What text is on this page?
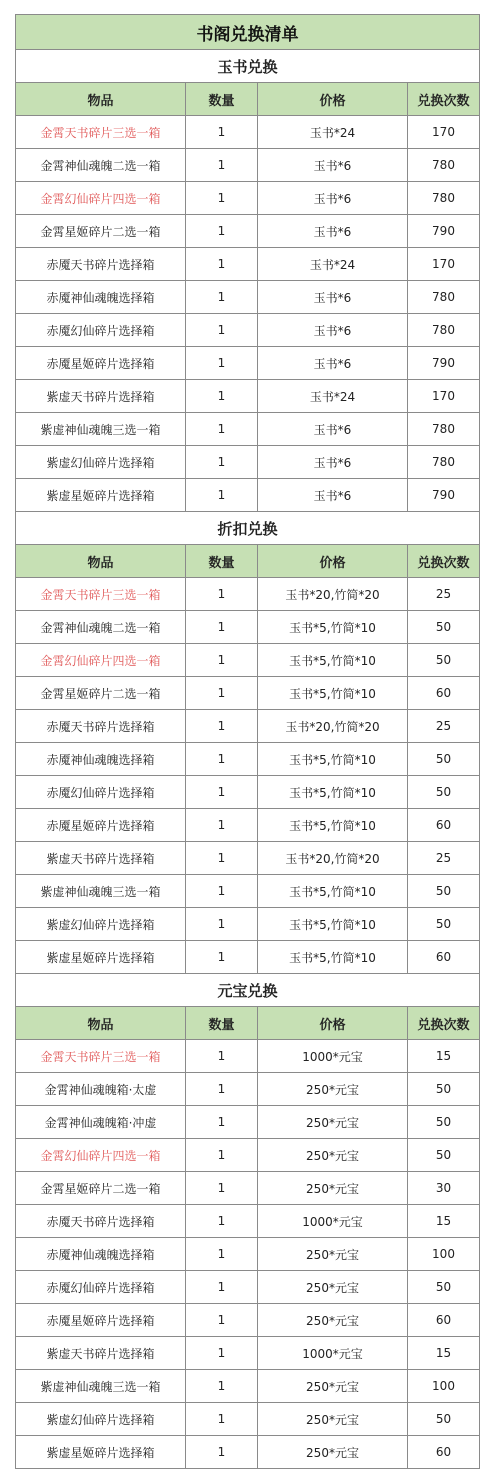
书阁兑换清单			
玉书兑换			
物品	数量	价格	兑换次数
金霄天书碎片三选一箱	1	玉书*24	170
金霄神仙魂魄二选一箱	1	玉书*6	780
金霄幻仙碎片四选一箱	1	玉书*6	780
金霄星姬碎片二选一箱	1	玉书*6	790
赤魇天书碎片选择箱	1	玉书*24	170
赤魇神仙魂魄选择箱	1	玉书*6	780
赤魇幻仙碎片选择箱	1	玉书*6	780
赤魇星姬碎片选择箱	1	玉书*6	790
紫虚天书碎片选择箱	1	玉书*24	170
紫虚神仙魂魄三选一箱	1	玉书*6	780
紫虚幻仙碎片选择箱	1	玉书*6	780
紫虚星姬碎片选择箱	1	玉书*6	790
折扣兑换			
物品	数量	价格	兑换次数
金霄天书碎片三选一箱	1	玉书*20,竹简*20	25
金霄神仙魂魄二选一箱	1	玉书*5,竹简*10	50
金霄幻仙碎片四选一箱	1	玉书*5,竹简*10	50
金霄星姬碎片二选一箱	1	玉书*5,竹简*10	60
赤魇天书碎片选择箱	1	玉书*20,竹简*20	25
赤魇神仙魂魄选择箱	1	玉书*5,竹简*10	50
赤魇幻仙碎片选择箱	1	玉书*5,竹简*10	50
赤魇星姬碎片选择箱	1	玉书*5,竹简*10	60
紫虚天书碎片选择箱	1	玉书*20,竹简*20	25
紫虚神仙魂魄三选一箱	1	玉书*5,竹简*10	50
紫虚幻仙碎片选择箱	1	玉书*5,竹简*10	50
紫虚星姬碎片选择箱	1	玉书*5,竹简*10	60
元宝兑换			
物品	数量	价格	兑换次数
金霄天书碎片三选一箱	1	1000*元宝	15
金霄神仙魂魄箱·太虚	1	250*元宝	50
金霄神仙魂魄箱·冲虚	1	250*元宝	50
金霄幻仙碎片四选一箱	1	250*元宝	50
金霄星姬碎片二选一箱	1	250*元宝	30
赤魇天书碎片选择箱	1	1000*元宝	15
赤魇神仙魂魄选择箱	1	250*元宝	100
赤魇幻仙碎片选择箱	1	250*元宝	50
赤魇星姬碎片选择箱	1	250*元宝	60
紫虚天书碎片选择箱	1	1000*元宝	15
紫虚神仙魂魄三选一箱	1	250*元宝	100
紫虚幻仙碎片选择箱	1	250*元宝	50
紫虚星姬碎片选择箱	1	250*元宝	60
